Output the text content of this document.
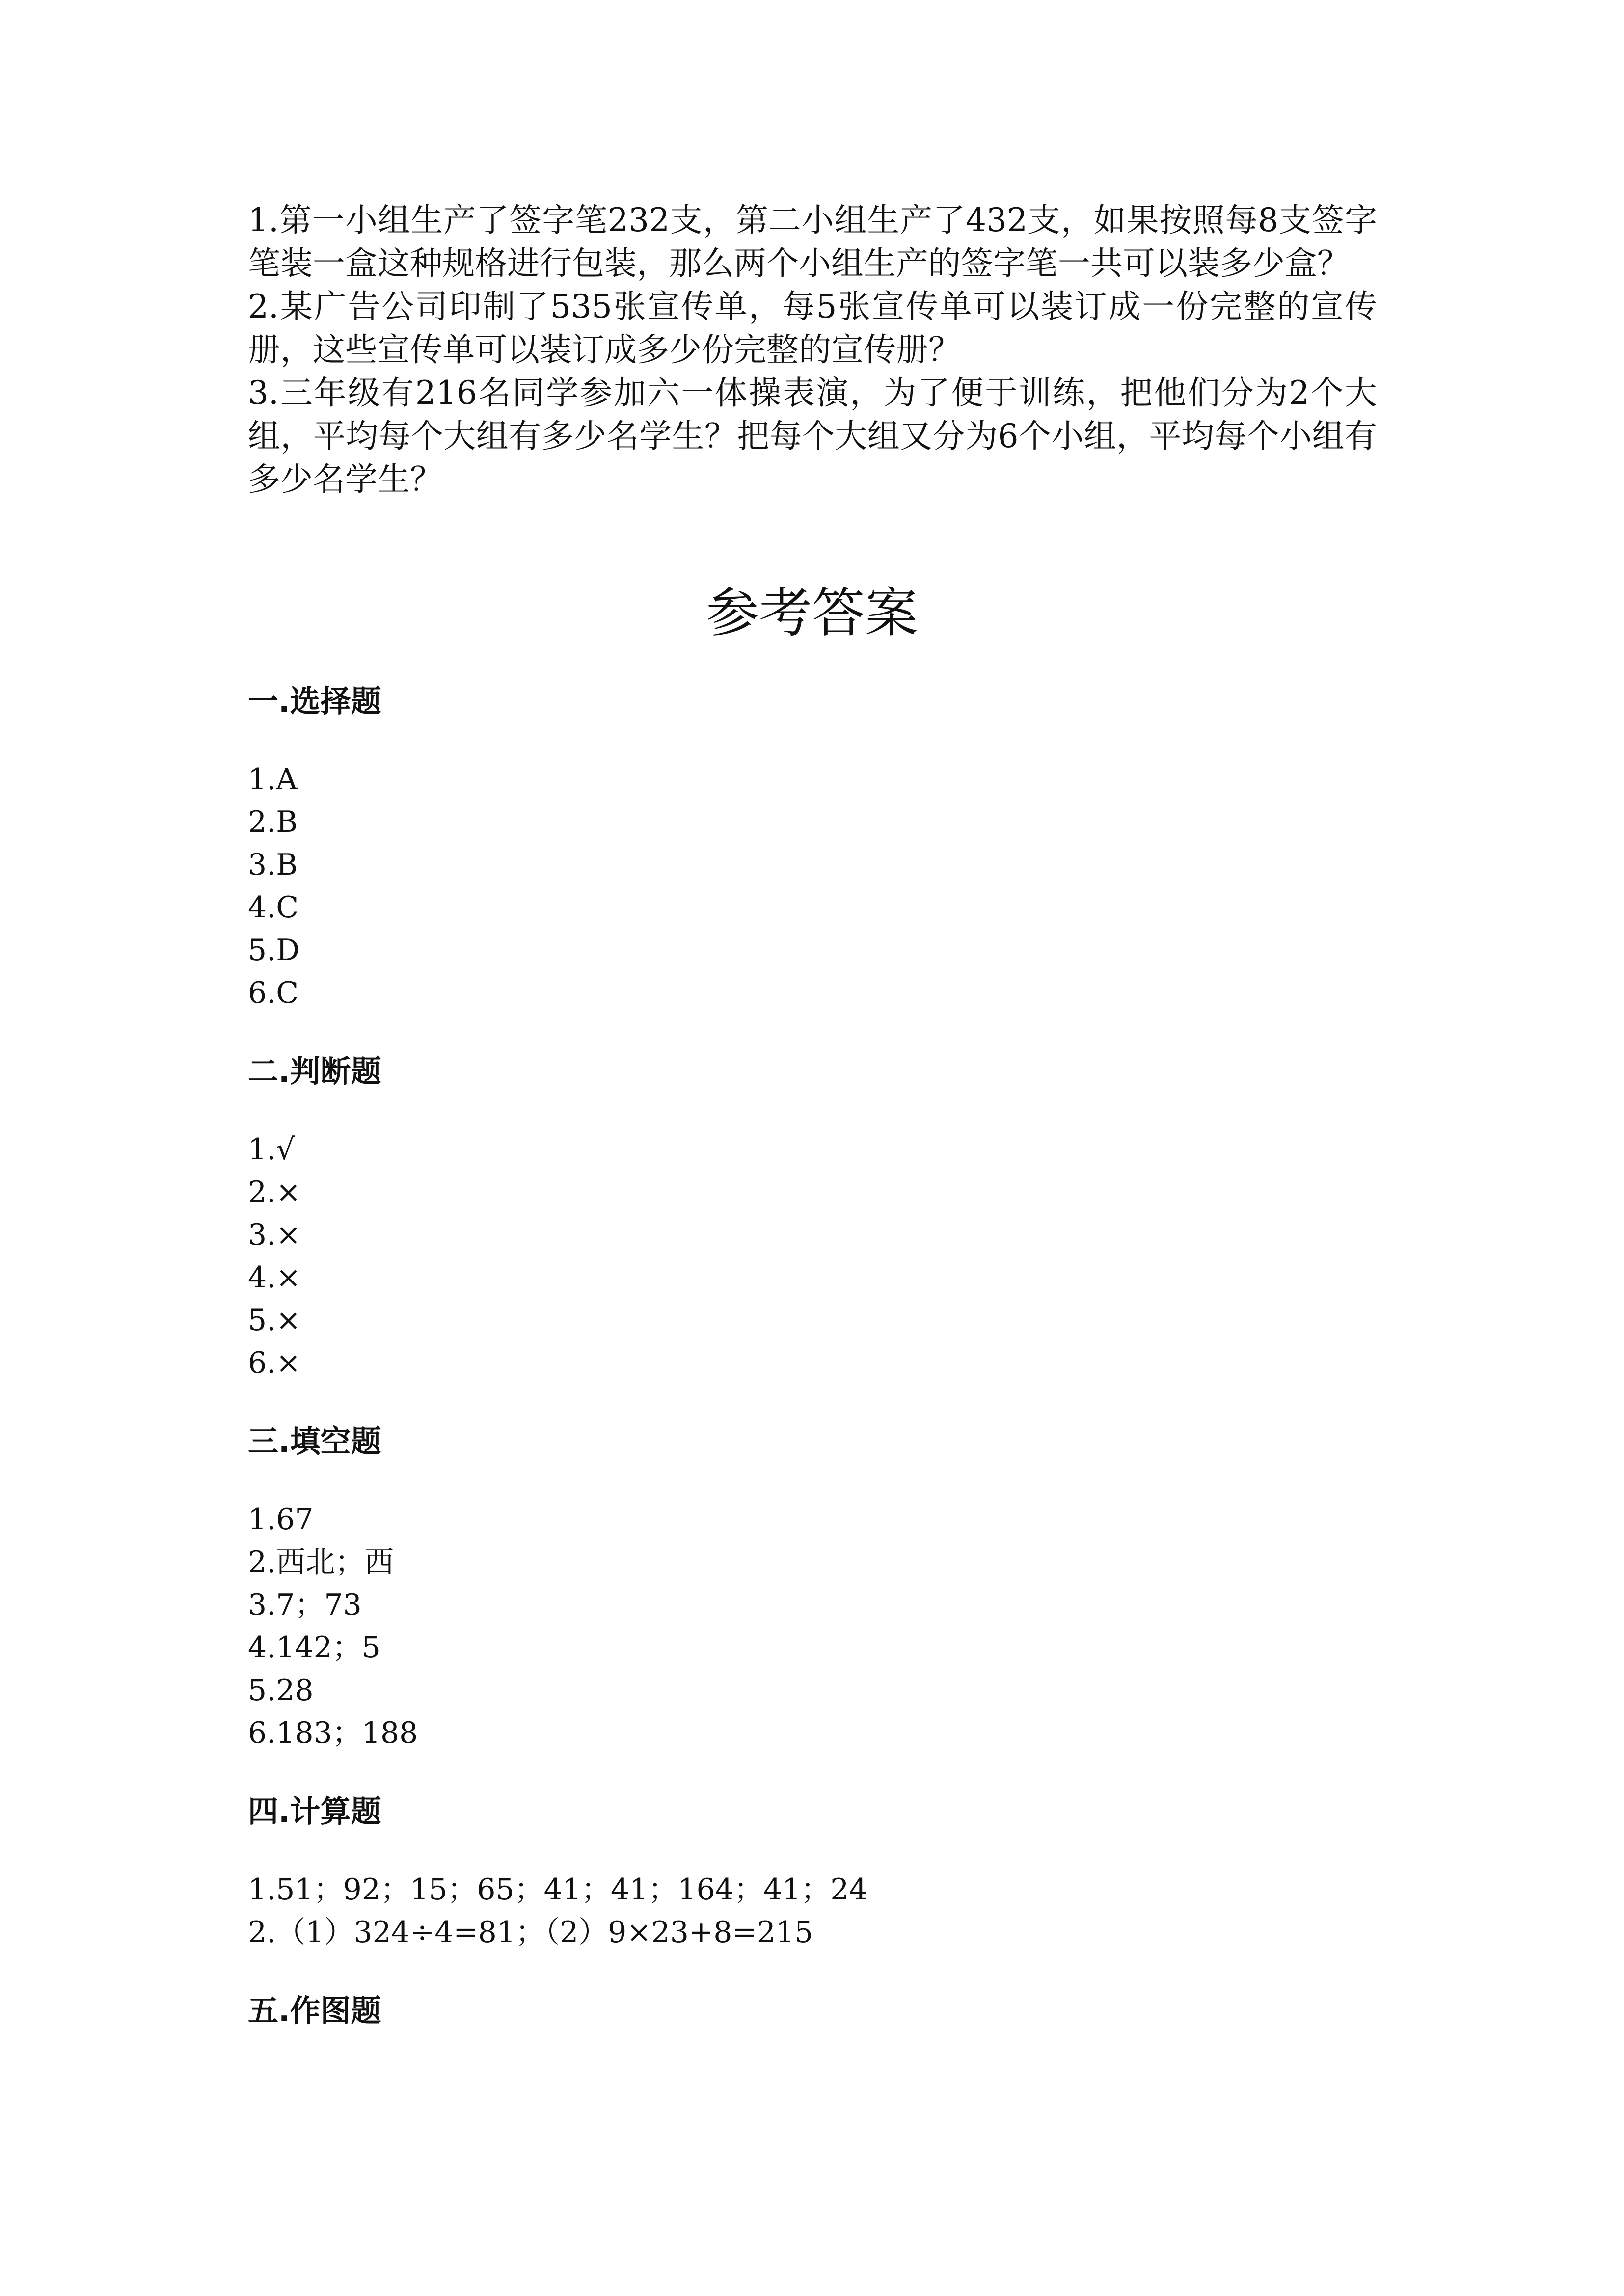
1.第一小组生产了签字笔232支，第二小组生产了432支，如果按照每8支签字笔装一盒这种规格进行包装，那么两个小组生产的签字笔一共可以装多少盒？

2.某广告公司印制了535张宣传单，每5张宣传单可以装订成一份完整的宣传册，这些宣传单可以装订成多少份完整的宣传册？

3.三年级有216名同学参加六一体操表演，为了便于训练，把他们分为2个大组，平均每个大组有多少名学生？把每个大组又分为6个小组，平均每个小组有多少名学生？

参考答案
一.选择题
1.A
2.B
3.B
4.C
5.D
6.C
二.判断题
1.√
2.×
3.×
4.×
5.×
6.×
三.填空题
1.67
2.西北；西
3.7；73
4.142；5
5.28
6.183；188
四.计算题
1.51；92；15；65；41；41；164；41；24
2.（1）324÷4=81；（2）9×23+8=215
五.作图题
